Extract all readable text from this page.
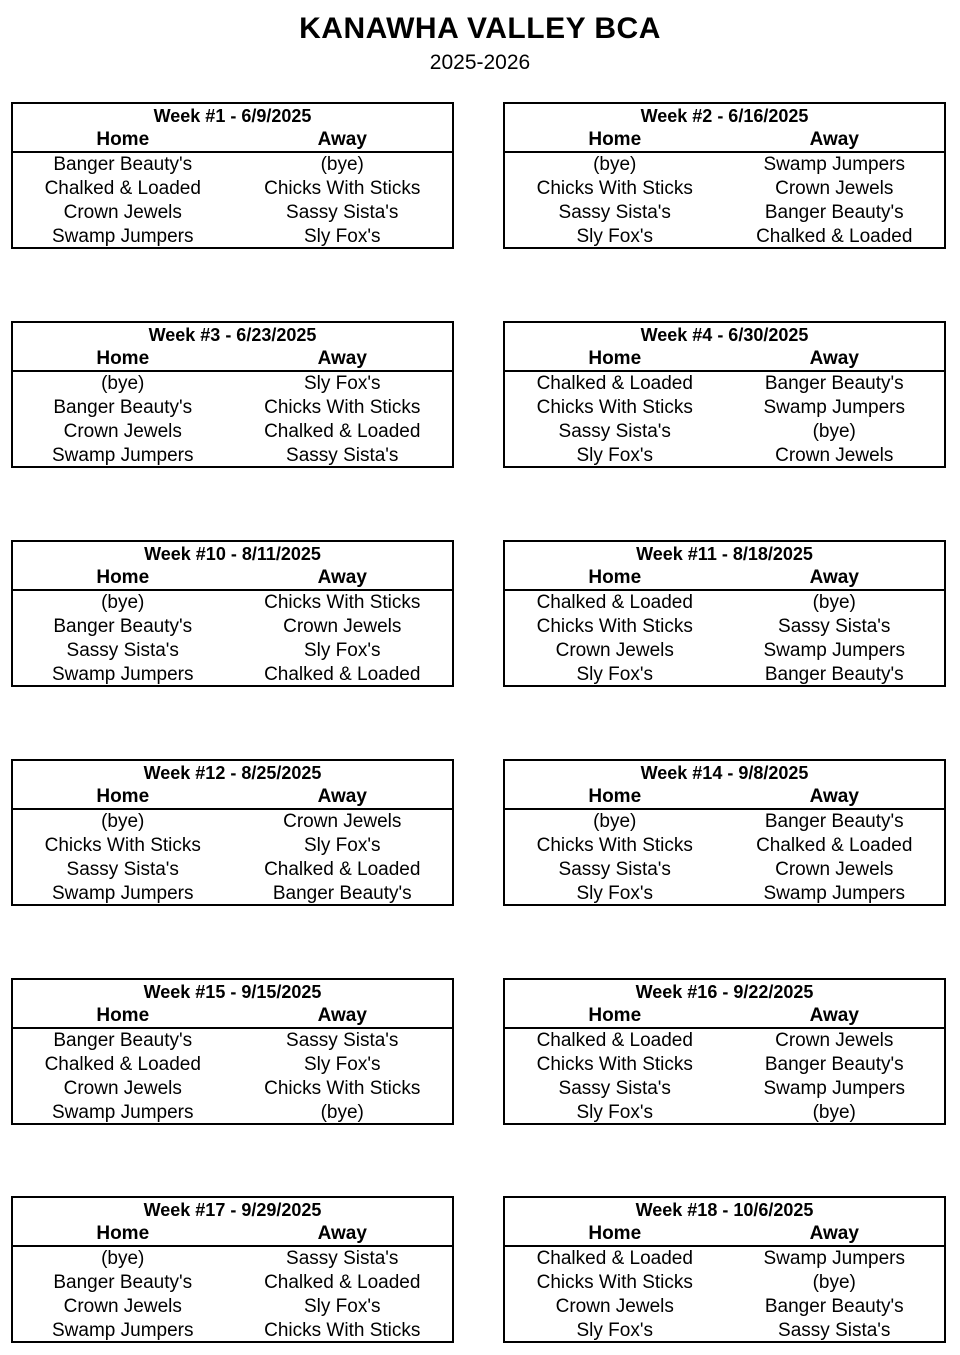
KANAWHA VALLEY BCA
2025-2026
Week #1 - 6/9/2025
Home	Away
Banger Beauty's	(bye)
Chalked & Loaded	Chicks With Sticks
Crown Jewels	Sassy Sista's
Swamp Jumpers	Sly Fox's
Week #2 - 6/16/2025
Home	Away
(bye)	Swamp Jumpers
Chicks With Sticks	Crown Jewels
Sassy Sista's	Banger Beauty's
Sly Fox's	Chalked & Loaded
Week #3 - 6/23/2025
Home	Away
(bye)	Sly Fox's
Banger Beauty's	Chicks With Sticks
Crown Jewels	Chalked & Loaded
Swamp Jumpers	Sassy Sista's
Week #4 - 6/30/2025
Home	Away
Chalked & Loaded	Banger Beauty's
Chicks With Sticks	Swamp Jumpers
Sassy Sista's	(bye)
Sly Fox's	Crown Jewels
Week #10 - 8/11/2025
Home	Away
(bye)	Chicks With Sticks
Banger Beauty's	Crown Jewels
Sassy Sista's	Sly Fox's
Swamp Jumpers	Chalked & Loaded
Week #11 - 8/18/2025
Home	Away
Chalked & Loaded	(bye)
Chicks With Sticks	Sassy Sista's
Crown Jewels	Swamp Jumpers
Sly Fox's	Banger Beauty's
Week #12 - 8/25/2025
Home	Away
(bye)	Crown Jewels
Chicks With Sticks	Sly Fox's
Sassy Sista's	Chalked & Loaded
Swamp Jumpers	Banger Beauty's
Week #14 - 9/8/2025
Home	Away
(bye)	Banger Beauty's
Chicks With Sticks	Chalked & Loaded
Sassy Sista's	Crown Jewels
Sly Fox's	Swamp Jumpers
Week #15 - 9/15/2025
Home	Away
Banger Beauty's	Sassy Sista's
Chalked & Loaded	Sly Fox's
Crown Jewels	Chicks With Sticks
Swamp Jumpers	(bye)
Week #16 - 9/22/2025
Home	Away
Chalked & Loaded	Crown Jewels
Chicks With Sticks	Banger Beauty's
Sassy Sista's	Swamp Jumpers
Sly Fox's	(bye)
Week #17 - 9/29/2025
Home	Away
(bye)	Sassy Sista's
Banger Beauty's	Chalked & Loaded
Crown Jewels	Sly Fox's
Swamp Jumpers	Chicks With Sticks
Week #18 - 10/6/2025
Home	Away
Chalked & Loaded	Swamp Jumpers
Chicks With Sticks	(bye)
Crown Jewels	Banger Beauty's
Sly Fox's	Sassy Sista's
